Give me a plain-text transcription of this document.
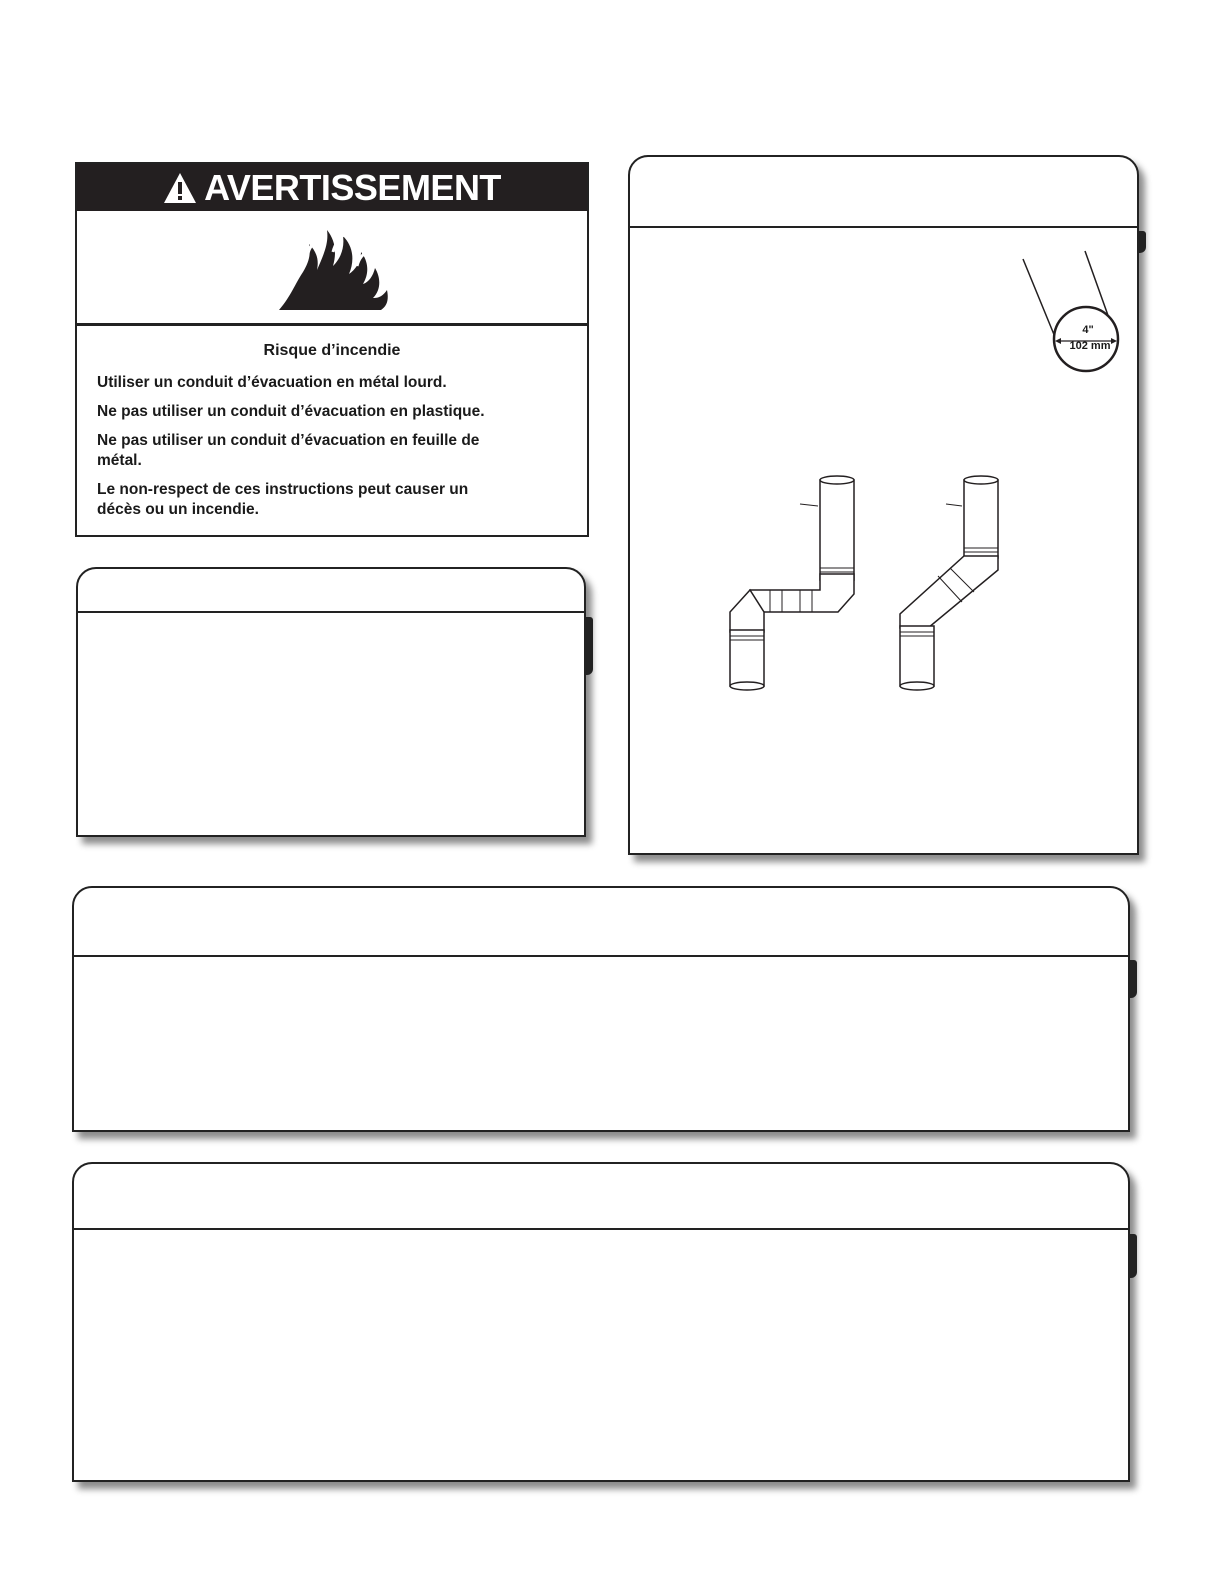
AVERTISSEMENT
Risque d’incendie
Utiliser un conduit d’évacuation en métal lourd.
Ne pas utiliser un conduit d’évacuation en plastique.
Ne pas utiliser un conduit d’évacuation en feuille de métal.
Le non-respect de ces instructions peut causer un décès ou un incendie.
4"
102 mm
